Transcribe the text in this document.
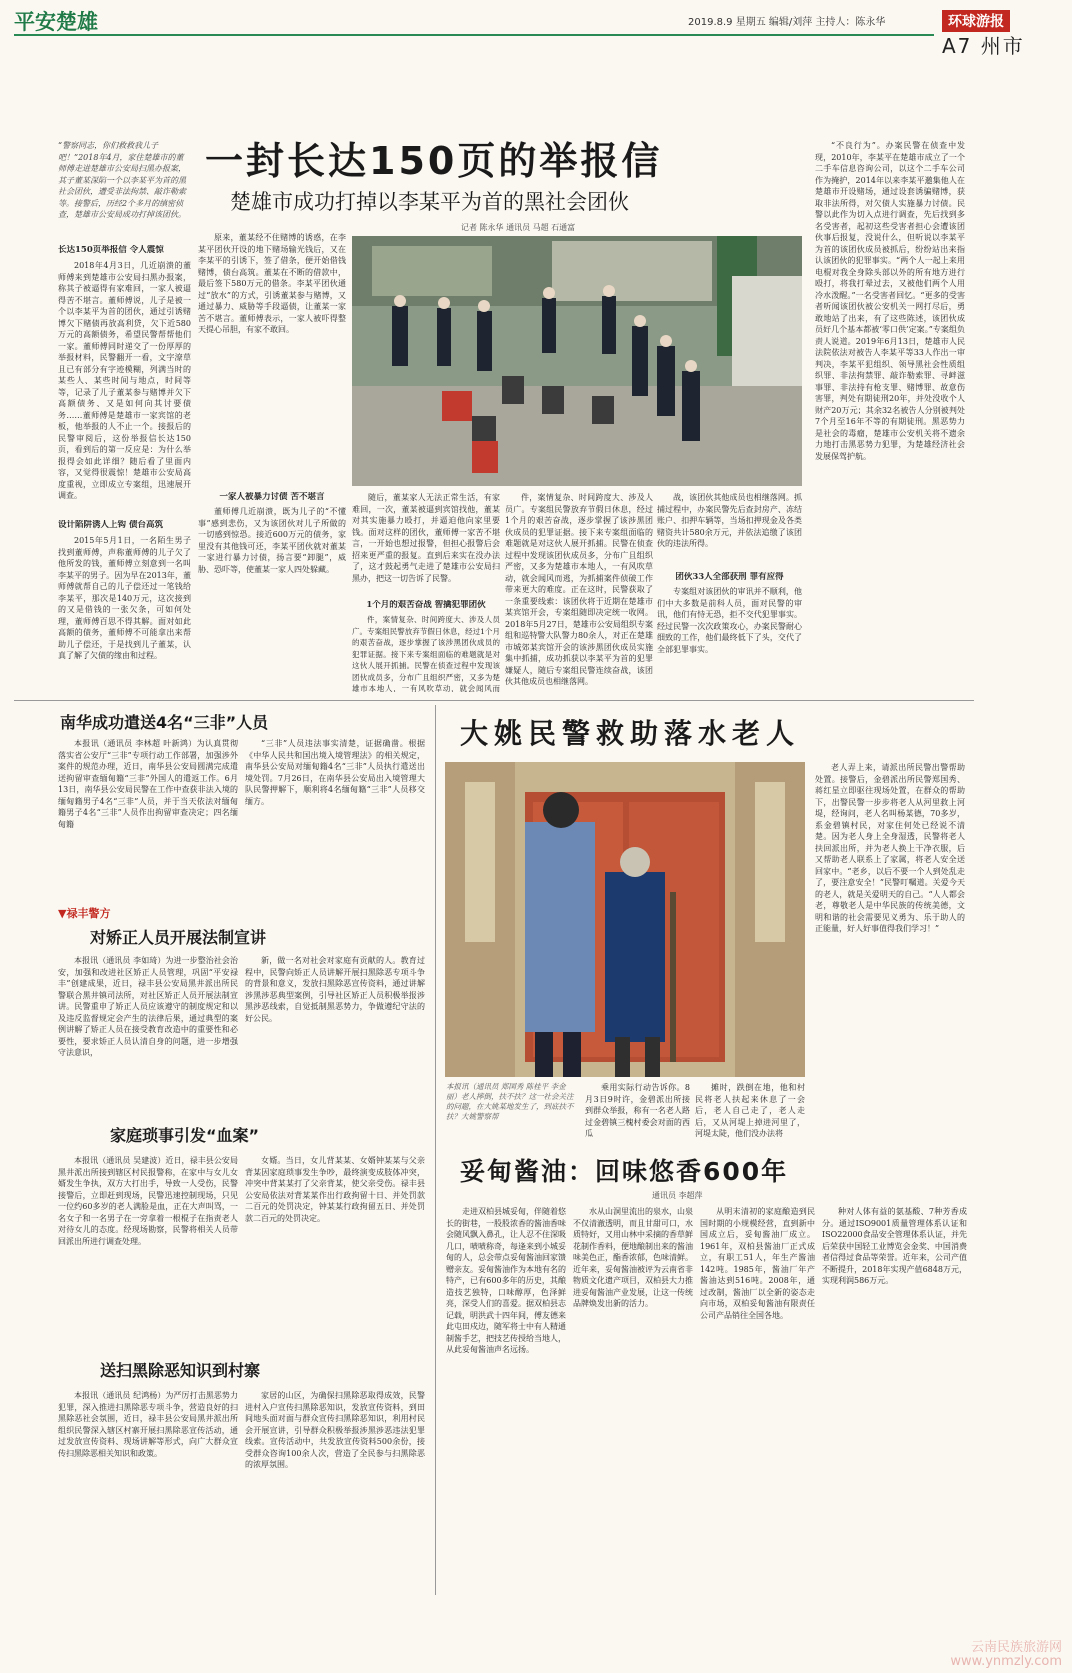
平安楚雄	2019.8.9 星期五 编辑/刘萍 主持人：陈永华	环球游报
A7 州市
“警察同志，你们救救我儿子吧！”2018年4月，家住楚雄市的董师傅走进楚雄市公安局扫黑办报案，其子董某深陷一个以李某平为首的黑社会团伙，遭受非法拘禁、敲诈勒索等。接警后，历经2个多月的缜密侦查，楚雄市公安局成功打掉该团伙。
一封长达150页的举报信
楚雄市成功打掉以李某平为首的黑社会团伙
记者 陈永华 通讯员 马超 石通富
长达150页举报信 令人震惊

2018年4月3日，几近崩溃的董师傅来到楚雄市公安局扫黑办报案，称其子被逼得有家难回，一家人被逼得苦不堪言。董师傅说，儿子是被一个以李某平为首的团伙，通过引诱赌博欠下赌债再放高利贷，欠下近580万元的高额债务，希望民警帮帮他们一家。董师傅同时递交了一份厚厚的举报材料，民警翻开一看，文字潦草且已有部分有字迹模糊，列满当时的某些人、某些时间与地点，时间等等，记录了儿子董某参与赌博并欠下高额债务、又是如何向其讨要债务……董师傅是楚雄市一家宾馆的老板，他举报的人不止一个。接报后的民警审阅后，这份举报信长达150页，看到后的第一反应是：为什么举报得会如此详细？随后看了里面内容，又觉得很震惊！楚雄市公安局高度重视，立即成立专案组，迅速展开调查。

设计陷阱诱人上钩 债台高筑

2015年5月1日，一名陌生男子找到董师傅，声称董师傅的儿子欠了他所发的钱，董师傅立刻意到一名叫李某平的男子。因为早在2013年，董师傅就帮自己的儿子偿还过一笔钱给李某平，那次是140万元，这次接到的又是借钱的一张欠条，可如何处理，董师傅百思不得其解。面对如此高额的债务，董师傅不可能拿出来帮助儿子偿还，于是找到儿子董某，认真了解了欠债的缘由和过程。

原来，董某经不住赌博的诱惑，在李某平团伙开设的地下赌场输光钱后，又在李某平的引诱下，签了借条，便开始借钱赌博，债台高筑。董某在不断的借款中，最后签下580万元的借条。李某平团伙通过“放水”的方式，引诱董某参与赌博，又通过暴力、威胁等手段逼债，让董某一家苦不堪言。董师傅表示，一家人被吓得整天提心吊胆，有家不敢回。

一家人被暴力讨债 苦不堪言

董师傅几近崩溃，既为儿子的“不懂事”感到悲伤，又为该团伙对儿子所做的一切感到惊恐。接近600万元的债务，家里没有其他钱可还，李某平团伙就对董某一家进行暴力讨债，扬言要“卸腿”，威胁、恐吓等，使董某一家人四处躲藏。

随后，董某家人无法正常生活，有家难回，一次，董某被逼到宾馆找他，董某对其实施暴力殴打，并逼迫他向家里要钱。面对这样的团伙，董师傅一家苦不堪言，一开始也想过报警，但担心报警后会招来更严重的报复。直到后来实在没办法了，这才鼓起勇气走进了楚雄市公安局扫黑办，把这一切告诉了民警。

1个月的艰苦奋战 智擒犯罪团伙

件，案情复杂、时间跨度大、涉及人员广。专案组民警放弃节假日休息，经过1个月的艰苦奋战，逐步掌握了该涉黑团伙成员的犯罪证据。接下来专案组面临的难题就是对这伙人展开抓捕。民警在侦查过程中发现该团伙成员多，分布广且组织严密，又多为楚雄市本地人，一有风吹草动，就会闻风而

件，案情复杂、时间跨度大、涉及人员广。专案组民警放弃节假日休息，经过1个月的艰苦奋战，逐步掌握了该涉黑团伙成员的犯罪证据。接下来专案组面临的难题就是对这伙人展开抓捕。民警在侦查过程中发现该团伙成员多，分布广且组织严密，又多为楚雄市本地人，一有风吹草动，就会闻风而逃，为抓捕案件侦破工作带来更大的难度。正在这时，民警获取了一条重要线索：该团伙将于近期在楚雄市某宾馆开会，专案组随即决定统一收网。2018年5月27日，楚雄市公安局组织专案组和巡特警大队警力80余人，对正在楚雄市城郊某宾馆开会的该涉黑团伙成员实施集中抓捕，成功抓获以李某平为首的犯罪嫌疑人，随后专案组民警连续奋战，该团伙其他成员也相继落网。

战，该团伙其他成员也相继落网。抓捕过程中，办案民警先后查封房产、冻结账户、扣押车辆等，当场扣押现金及各类赌资共计580余万元，并依法追缴了该团伙的违法所得。

团伙33人全部获刑 罪有应得

专案组对该团伙的审讯并不顺利，他们中大多数是前科人员，面对民警的审讯，他们有恃无恐，拒不交代犯罪事实。经过民警一次次政策攻心，办案民警耐心细致的工作，他们最终低下了头，交代了全部犯罪事实。

“不良行为”。办案民警在侦查中发现，2010年，李某平在楚雄市成立了一个二手车信息咨询公司，以这个二手车公司作为掩护，2014年以来李某平邀集他人在楚雄市开设赌场，通过设套诱骗赌博，获取非法所得，对欠债人实施暴力讨债。民警以此作为切入点进行调查，先后找到多名受害者，起初这些受害者担心会遭该团伙事后报复，没说什么，但听说以李某平为首的该团伙成员被抓后，纷纷站出来指认该团伙的犯罪事实。“两个人一起上来用电棍对我全身除头部以外的所有地方进行殴打，将我打晕过去，又被他们两个人用冷水泼醒。”一名受害者回忆。“更多的受害者听闻该团伙被公安机关一网打尽后，勇敢地站了出来，有了这些陈述，该团伙成员好几个基本都被‘零口供’定案。”专案组负责人说道。2019年6月13日，楚雄市人民法院依法对被告人李某平等33人作出一审判决，李某平犯组织、领导黑社会性质组织罪、非法拘禁罪、敲诈勒索罪、寻衅滋事罪、非法持有枪支罪、赌博罪、故意伤害罪，判处有期徒刑20年，并处没收个人财产20万元；其余32名被告人分别被判处7个月至16年不等的有期徒刑。黑恶势力是社会的毒瘤，楚雄市公安机关将不遗余力地打击黑恶势力犯罪，为楚雄经济社会发展保驾护航。

南华成功遣送4名“三非”人员

本报讯（通讯员 李林超 叶新鸿）为认真贯彻落实省公安厅“三非”专项行动工作部署，加强涉外案件的规范办理，近日，南华县公安局圆满完成遣送拘留审查缅甸籍“三非”外国人的遣返工作。6月13日，南华县公安局民警在工作中查获非法入境的缅甸籍男子4名“三非”人员，并于当天依法对缅甸籍男子4名“三非”人员作出拘留审查决定；四名缅甸籍

“三非”人员违法事实清楚，证据确凿。根据《中华人民共和国出境入境管理法》的相关规定，南华县公安局对缅甸籍4名“三非”人员执行遣送出境处罚。7月26日，在南华县公安局出入境管理大队民警押解下，顺利将4名缅甸籍“三非”人员移交缅方。

▼禄丰警方
对矫正人员开展法制宣讲

本报讯（通讯员 李如琦）为进一步整治社会治安，加强和改进社区矫正人员管理，巩固“平安禄丰”创建成果，近日，禄丰县公安局黑井派出所民警联合黑井镇司法所，对社区矫正人员开展法制宣讲。民警重申了矫正人员应该遵守的制度规定和以及违反监督规定会产生的法律后果，通过典型的案例讲解了矫正人员在接受教育改造中的重要性和必要性，要求矫正人员认清自身的问题，进一步增强守法意识，

新，做一名对社会对家庭有贡献的人。教育过程中，民警向矫正人员讲解开展扫黑除恶专项斗争的背景和意义，发放扫黑除恶宣传资料，通过讲解涉黑涉恶典型案例，引导社区矫正人员积极举报涉黑涉恶线索，自觉抵制黑恶势力，争做遵纪守法的好公民。

家庭琐事引发“血案”

本报讯（通讯员 吴建波）近日，禄丰县公安局黑井派出所接到辖区村民报警称，在家中与女儿女婿发生争执，双方大打出手，导致一人受伤，民警接警后，立即赶到现场，民警迅速控制现场，只见一位约60多岁的老人满脸是血，正在大声叫骂，一名女子和一名男子在一旁拿着一根棍子在指责老人对待女儿的态度。经现场勘察，民警将相关人员带回派出所进行调查处理。

女婿。当日，女儿背某某、女婿钟某某与父亲背某因家庭琐事发生争吵，最终演变成肢体冲突，冲突中背某某打了父亲背某，使父亲受伤。禄丰县公安局依法对背某某作出行政拘留十日、并处罚款二百元的处罚决定，钟某某行政拘留五日、并处罚款二百元的处罚决定。

送扫黑除恶知识到村寨

本报讯（通讯员 纪鸿杨）为严厉打击黑恶势力犯罪，深入推进扫黑除恶专项斗争，营造良好的扫黑除恶社会氛围，近日，禄丰县公安局黑井派出所组织民警深入辖区村寨开展扫黑除恶宣传活动，通过发放宣传资料、现场讲解等形式，向广大群众宣传扫黑除恶相关知识和政策。

家居的山区，为确保扫黑除恶取得成效，民警进村入户宣传扫黑除恶知识，发放宣传资料，到田间地头面对面与群众宣传扫黑除恶知识，利用村民会开展宣讲，引导群众积极举报涉黑涉恶违法犯罪线索。宣传活动中，共发放宣传资料500余份，接受群众咨询100余人次，营造了全民参与扫黑除恶的浓厚氛围。

大姚民警救助落水老人
本报讯（通讯员 郑国秀 陈桂平 李金丽）老人摔倒，扶不扶？这一社会关注的问题，在大姚某地发生了，到底扶不扶？大姚警察帮

乘用实际行动告诉你。8月3日9时许，金碧派出所接到群众举报，称有一名老人路过金碧镇三槐村委会对面的西瓜

摊时，跌倒在地，他和村民将老人扶起来休息了一会后，老人自己走了，老人走后，又从河堤上掉进河里了，河堤太陡，他们没办法将

老人弄上来，请派出所民警出警帮助处置。接警后，金碧派出所民警郑国秀、蒋红星立即驱往现场处置，在群众的帮助下，出警民警一步步将老人从河里救上河堤，经询问，老人名叫杨某德，70多岁，系金碧镇村民，对家住何处已经说不清楚。因为老人身上全身湿透，民警将老人扶回派出所，并为老人换上干净衣服，后又帮助老人联系上了家属，将老人安全送回家中。“老乡，以后不要一个人到处乱走了，要注意安全！”民警叮嘱道。关爱今天的老人，就是关爱明天的自己。“人人都会老，尊敬老人是中华民族的传统美德，文明和谐的社会需要见义勇为、乐于助人的正能量，好人好事值得我们学习！”

妥甸酱油：回味悠香600年
通讯员 李超萍

走进双柏县城妥甸，伴随着悠长的街巷，一股股浓香的酱油香味会随风飘入鼻孔，让人忍不住深吸几口，啧啧称奇，每逢来到小城妥甸的人，总会带点妥甸酱油回家馈赠亲友。妥甸酱油作为本地有名的特产，已有600多年的历史，其酿造技艺独特，口味醇厚，色泽鲜亮，深受人们的喜爱。据双柏县志记载，明洪武十四年间，傅友德来此屯田戍边，随军将士中有人精通制酱手艺，把技艺传授给当地人，从此妥甸酱油声名远扬。

水从山洞里流出的泉水，山泉不仅清澈透明，而且甘甜可口，水质特好，又用山林中采摘的香草鲜花制作香料，便地酿制出来的酱油味美色正，酯香浓郁，色味清鲜。近年来，妥甸酱油被评为云南省非物质文化遗产项目，双柏县大力推进妥甸酱油产业发展，让这一传统品牌焕发出新的活力。

从明末清初的家庭酿造到民国时期的小规模经营，直到新中国成立后，妥甸酱油厂成立。1961年，双柏县酱油厂正式成立，有职工51人，年生产酱油142吨。1985年，酱油厂年产酱油达到516吨。2008年，通过改制，酱油厂以全新的姿态走向市场，双柏妥甸酱油有限责任公司产品销往全国各地。

种对人体有益的氨基酸、7种芳香成分。通过ISO9001质量管理体系认证和ISO22000食品安全管理体系认证，并先后荣获中国轻工业博览会金奖、中国消费者信得过食品等荣誉。近年来，公司产值不断提升，2018年实现产值6848万元，实现利润586万元。

云南民族旅游网
www.ynmzly.com
